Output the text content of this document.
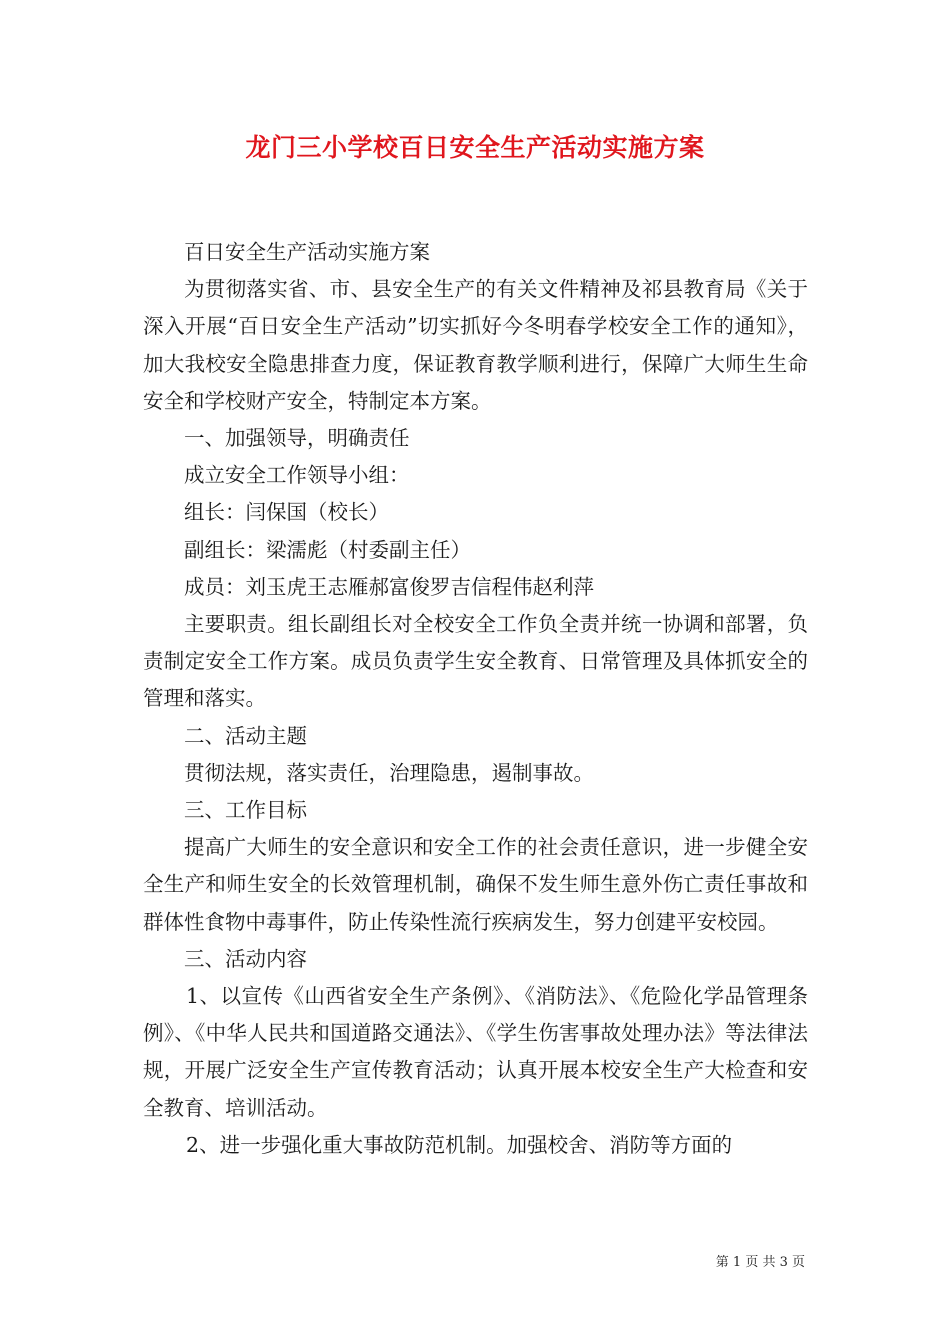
龙门三小学校百日安全生产活动实施方案

百日安全生产活动实施方案

为贯彻落实省、市、县安全生产的有关文件精神及祁县教育局《关于深入开展“百日安全生产活动”切实抓好今冬明春学校安全工作的通知》，加大我校安全隐患排查力度，保证教育教学顺利进行，保障广大师生生命安全和学校财产安全，特制定本方案。

一、加强领导，明确责任

成立安全工作领导小组：

组长：闫保国（校长）

副组长：梁濡彪（村委副主任）

成员：刘玉虎王志雁郝富俊罗吉信程伟赵利萍

主要职责。组长副组长对全校安全工作负全责并统一协调和部署，负责制定安全工作方案。成员负责学生安全教育、日常管理及具体抓安全的管理和落实。

二、活动主题

贯彻法规，落实责任，治理隐患，遏制事故。

三、工作目标

提高广大师生的安全意识和安全工作的社会责任意识，进一步健全安全生产和师生安全的长效管理机制，确保不发生师生意外伤亡责任事故和群体性食物中毒事件，防止传染性流行疾病发生，努力创建平安校园。

三、活动内容

1、以宣传《山西省安全生产条例》、《消防法》、《危险化学品管理条例》、《中华人民共和国道路交通法》、《学生伤害事故处理办法》等法律法规，开展广泛安全生产宣传教育活动；认真开展本校安全生产大检查和安全教育、培训活动。

2、进一步强化重大事故防范机制。加强校舍、消防等方面的

第 1 页 共 3 页
